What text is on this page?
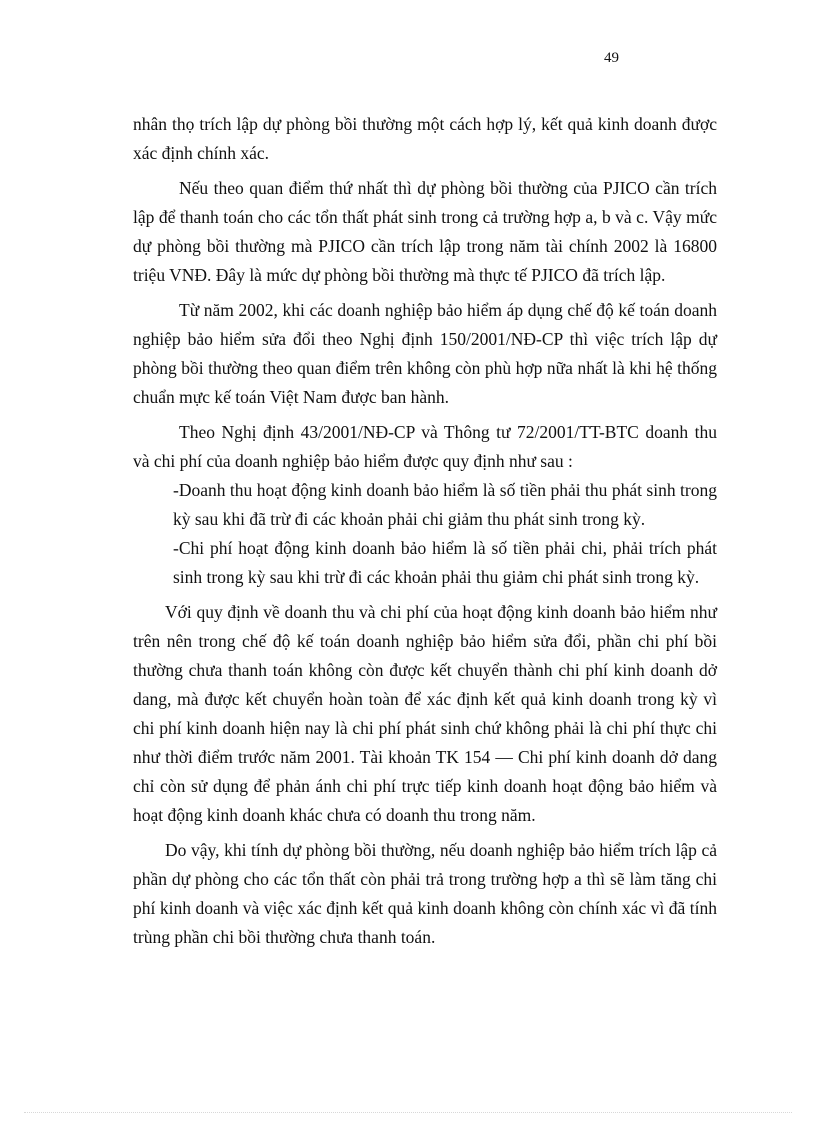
49

nhân thọ trích lập dự phòng bồi thường một cách hợp lý, kết quả kinh doanh được xác định chính xác.

Nếu theo quan điểm thứ nhất thì dự phòng bồi thường của PJICO cần trích lập để thanh toán cho các tổn thất phát sinh trong cả trường hợp a, b và c. Vậy mức dự phòng bồi thường mà PJICO cần trích lập trong năm tài chính 2002 là 16800 triệu VNĐ. Đây là mức dự phòng bồi thường mà thực tế PJICO đã trích lập.

Từ năm 2002, khi các doanh nghiệp bảo hiểm áp dụng chế độ kế toán doanh nghiệp bảo hiểm sửa đổi theo Nghị định 150/2001/NĐ-CP thì việc trích lập dự phòng bồi thường theo quan điểm trên không còn phù hợp nữa nhất là khi hệ thống chuẩn mực kế toán Việt Nam được ban hành.

Theo Nghị định 43/2001/NĐ-CP và Thông tư 72/2001/TT-BTC doanh thu và chi phí của doanh nghiệp bảo hiểm được quy định như sau :

-Doanh thu hoạt động kinh doanh bảo hiểm là số tiền phải thu phát sinh trong kỳ sau khi đã trừ đi các khoản phải chi giảm thu phát sinh trong kỳ.

-Chi phí hoạt động kinh doanh bảo hiểm là số tiền phải chi, phải trích phát sinh trong kỳ sau khi trừ đi các khoản phải thu giảm chi phát sinh trong kỳ.

Với quy định về doanh thu và chi phí của hoạt động kinh doanh bảo hiểm như trên nên trong chế độ kế toán doanh nghiệp bảo hiểm sửa đổi, phần chi phí bồi thường chưa thanh toán không còn được kết chuyển thành chi phí kinh doanh dở dang, mà được kết chuyển hoàn toàn để xác định kết quả kinh doanh trong kỳ vì chi phí kinh doanh hiện nay là chi phí phát sinh chứ không phải là chi phí thực chi như thời điểm trước năm 2001. Tài khoản TK 154 — Chi phí kinh doanh dở dang chỉ còn sử dụng để phản ánh chi phí trực tiếp kinh doanh hoạt động bảo hiểm và hoạt động kinh doanh khác chưa có doanh thu trong năm.

Do vậy, khi tính dự phòng bồi thường, nếu doanh nghiệp bảo hiểm trích lập cả phần dự phòng cho các tổn thất còn phải trả trong trường hợp a thì sẽ làm tăng chi phí kinh doanh và việc xác định kết quả kinh doanh không còn chính xác vì đã tính trùng phần chi bồi thường chưa thanh toán.
